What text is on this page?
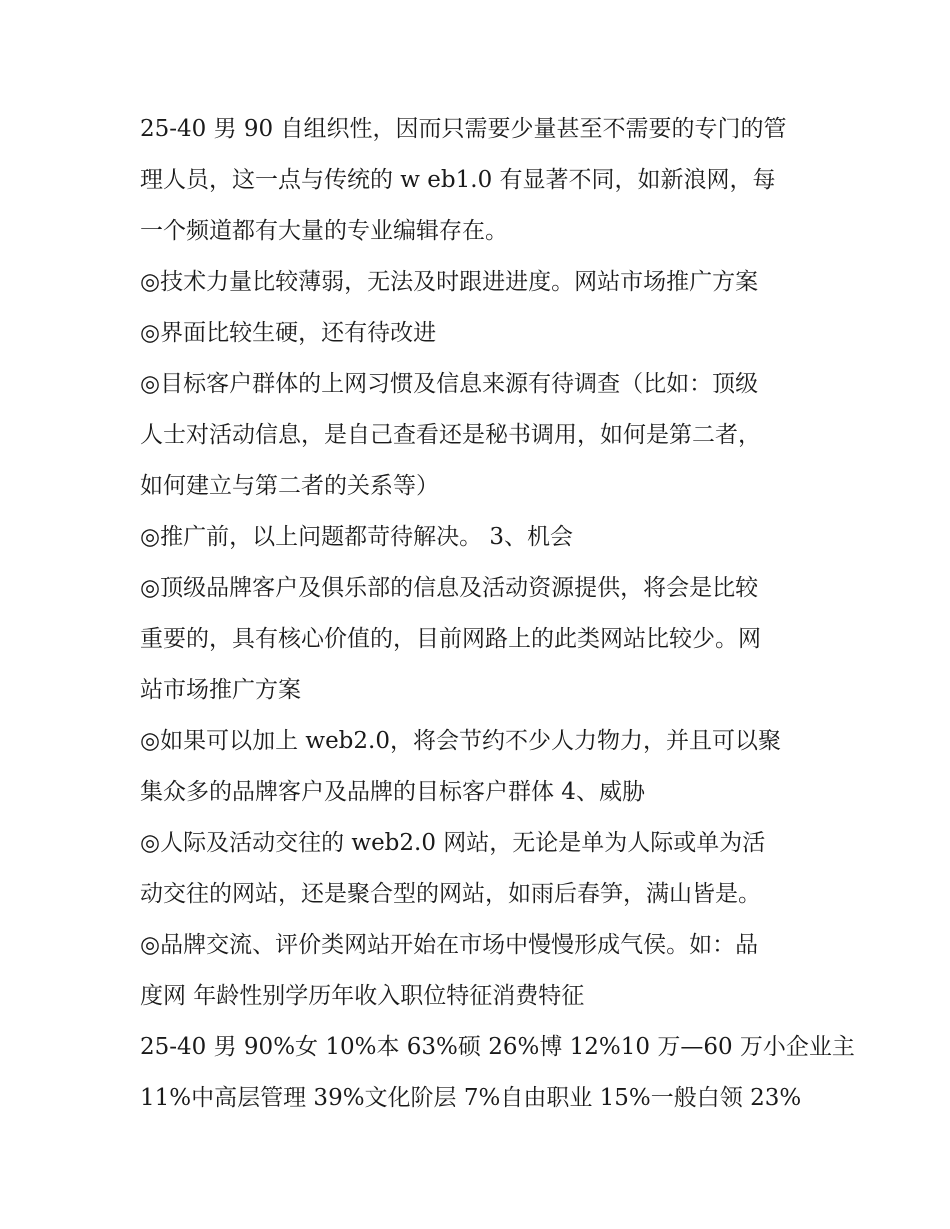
25-40 男 90 自组织性，因而只需要少量甚至不需要的专门的管
理人员，这一点与传统的 w eb1.0 有显著不同，如新浪网，每
一个频道都有大量的专业编辑存在。
◎技术力量比较薄弱，无法及时跟进进度。网站市场推广方案
◎界面比较生硬，还有待改进
◎目标客户群体的上网习惯及信息来源有待调查（比如：顶级
人士对活动信息，是自己查看还是秘书调用，如何是第二者，
如何建立与第二者的关系等）
◎推广前，以上问题都苛待解决。 3、机会
◎顶级品牌客户及俱乐部的信息及活动资源提供，将会是比较
重要的，具有核心价值的，目前网路上的此类网站比较少。网
站市场推广方案
◎如果可以加上 web2.0，将会节约不少人力物力，并且可以聚
集众多的品牌客户及品牌的目标客户群体 4、威胁
◎人际及活动交往的 web2.0 网站，无论是单为人际或单为活
动交往的网站，还是聚合型的网站，如雨后春笋，满山皆是。
◎品牌交流、评价类网站开始在市场中慢慢形成气侯。如：品
度网 年龄性别学历年收入职位特征消费特征
25-40 男 90%女 10%本 63%硕 26%博 12%10 万—60 万小企业主
11%中高层管理 39%文化阶层 7%自由职业 15%一般白领 23%
